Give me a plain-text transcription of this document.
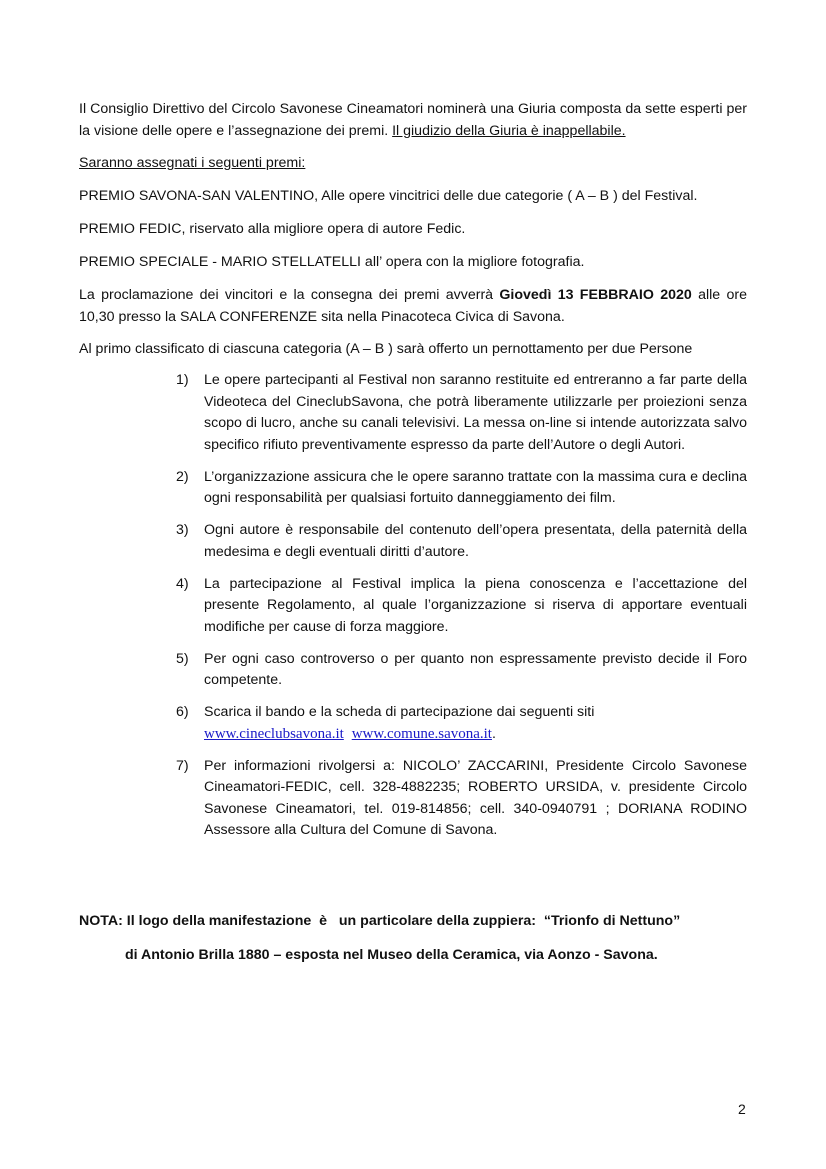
Il Consiglio Direttivo del Circolo Savonese Cineamatori nominerà una Giuria composta da sette esperti per la visione delle opere e l’assegnazione dei premi. Il giudizio della Giuria è inappellabile.

Saranno assegnati i seguenti premi:

PREMIO SAVONA-SAN VALENTINO, Alle opere vincitrici delle due categorie ( A – B ) del Festival.

PREMIO FEDIC, riservato alla migliore opera di autore Fedic.

PREMIO SPECIALE - MARIO STELLATELLI all’ opera con la migliore fotografia.

La proclamazione dei vincitori e la consegna dei premi avverrà Giovedì 13 FEBBRAIO 2020 alle ore 10,30 presso la SALA CONFERENZE sita nella Pinacoteca Civica di Savona.

Al primo classificato di ciascuna categoria (A – B ) sarà offerto un pernottamento per due Persone

1) Le opere partecipanti al Festival non saranno restituite ed entreranno a far parte della Videoteca del CineclubSavona, che potrà liberamente utilizzarle per proiezioni senza scopo di lucro, anche su canali televisivi. La messa on-line si intende autorizzata salvo specifico rifiuto preventivamente espresso da parte dell’Autore o degli Autori.
2) L’organizzazione assicura che le opere saranno trattate con la massima cura e declina ogni responsabilità per qualsiasi fortuito danneggiamento dei film.
3) Ogni autore è responsabile del contenuto dell’opera presentata, della paternità della medesima e degli eventuali diritti d’autore.
4) La partecipazione al Festival implica la piena conoscenza e l’accettazione del presente Regolamento, al quale l’organizzazione si riserva di apportare eventuali modifiche per cause di forza maggiore.
5) Per ogni caso controverso o per quanto non espressamente previsto decide il Foro competente.
6) Scarica il bando e la scheda di partecipazione dai seguenti siti
www.cineclubsavona.it www.comune.savona.it.
7) Per informazioni rivolgersi a: NICOLO’ ZACCARINI, Presidente Circolo Savonese Cineamatori-FEDIC, cell. 328-4882235; ROBERTO URSIDA, v. presidente Circolo Savonese Cineamatori, tel. 019-814856; cell. 340-0940791 ; DORIANA RODINO Assessore alla Cultura del Comune di Savona.

NOTA: Il logo della manifestazione  è   un particolare della zuppiera:  “Trionfo di Nettuno”

di Antonio Brilla 1880 – esposta nel Museo della Ceramica, via Aonzo - Savona.

2
